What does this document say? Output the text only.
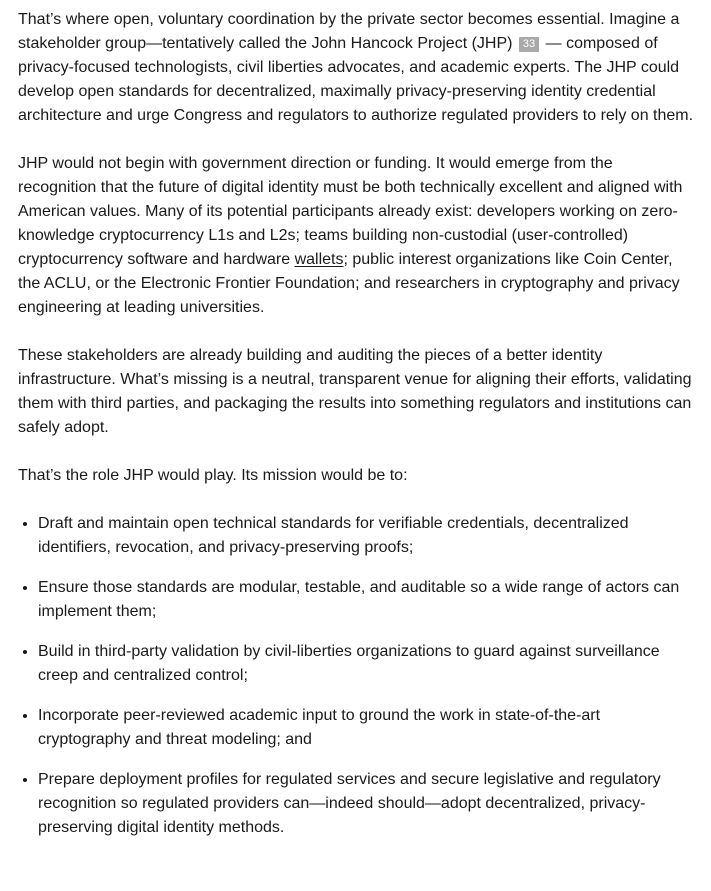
That’s where open, voluntary coordination by the private sector becomes essential. Imagine a stakeholder group—tentatively called the John Hancock Project (JHP) 33 — composed of privacy-focused technologists, civil liberties advocates, and academic experts. The JHP could develop open standards for decentralized, maximally privacy-preserving identity credential architecture and urge Congress and regulators to authorize regulated providers to rely on them.

JHP would not begin with government direction or funding. It would emerge from the recognition that the future of digital identity must be both technically excellent and aligned with American values. Many of its potential participants already exist: developers working on zero-knowledge cryptocurrency L1s and L2s; teams building non-custodial (user-controlled) cryptocurrency software and hardware wallets; public interest organizations like Coin Center, the ACLU, or the Electronic Frontier Foundation; and researchers in cryptography and privacy engineering at leading universities.

These stakeholders are already building and auditing the pieces of a better identity infrastructure. What’s missing is a neutral, transparent venue for aligning their efforts, validating them with third parties, and packaging the results into something regulators and institutions can safely adopt.

That’s the role JHP would play. Its mission would be to:

• Draft and maintain open technical standards for verifiable credentials, decentralized identifiers, revocation, and privacy-preserving proofs;
• Ensure those standards are modular, testable, and auditable so a wide range of actors can implement them;
• Build in third-party validation by civil-liberties organizations to guard against surveillance creep and centralized control;
• Incorporate peer-reviewed academic input to ground the work in state-of-the-art cryptography and threat modeling; and
• Prepare deployment profiles for regulated services and secure legislative and regulatory recognition so regulated providers can—indeed should—adopt decentralized, privacy-preserving digital identity methods.
